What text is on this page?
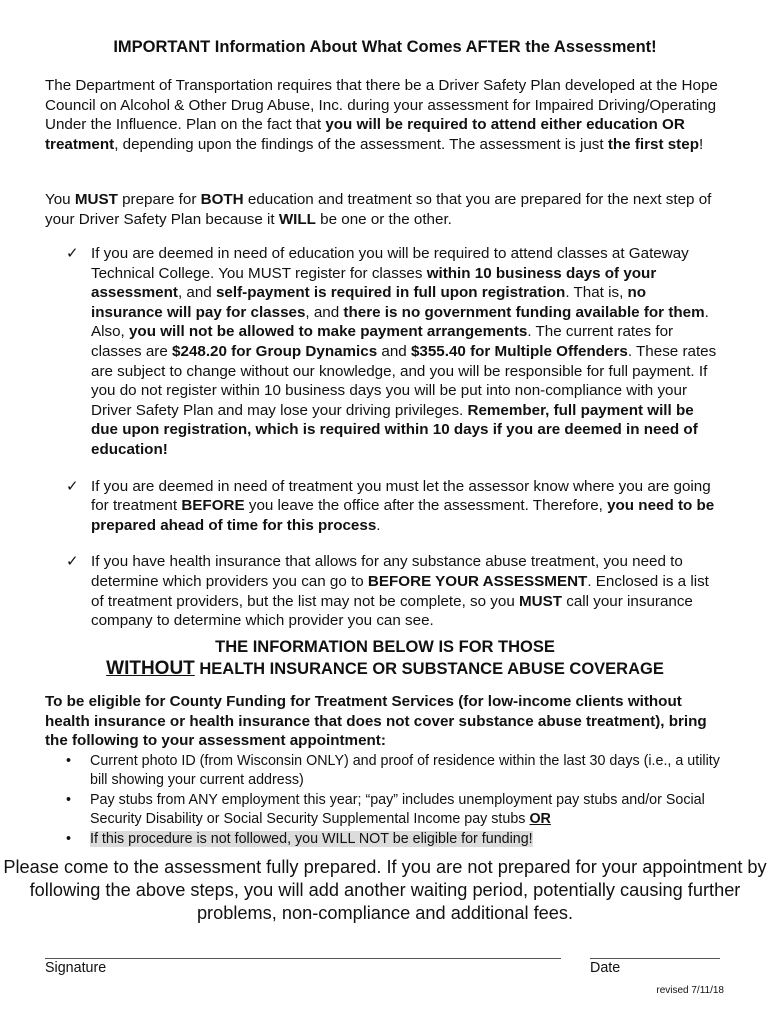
IMPORTANT Information About What Comes AFTER the Assessment!

The Department of Transportation requires that there be a Driver Safety Plan developed at the Hope Council on Alcohol & Other Drug Abuse, Inc. during your assessment for Impaired Driving/Operating Under the Influence. Plan on the fact that you will be required to attend either education OR treatment, depending upon the findings of the assessment. The assessment is just the first step!

You MUST prepare for BOTH education and treatment so that you are prepared for the next step of your Driver Safety Plan because it WILL be one or the other.

✓ If you are deemed in need of education you will be required to attend classes at Gateway Technical College. You MUST register for classes within 10 business days of your assessment, and self-payment is required in full upon registration. That is, no insurance will pay for classes, and there is no government funding available for them. Also, you will not be allowed to make payment arrangements. The current rates for classes are $248.20 for Group Dynamics and $355.40 for Multiple Offenders. These rates are subject to change without our knowledge, and you will be responsible for full payment. If you do not register within 10 business days you will be put into non-compliance with your Driver Safety Plan and may lose your driving privileges. Remember, full payment will be due upon registration, which is required within 10 days if you are deemed in need of education!
✓ If you are deemed in need of treatment you must let the assessor know where you are going for treatment BEFORE you leave the office after the assessment. Therefore, you need to be prepared ahead of time for this process.
✓ If you have health insurance that allows for any substance abuse treatment, you need to determine which providers you can go to BEFORE YOUR ASSESSMENT. Enclosed is a list of treatment providers, but the list may not be complete, so you MUST call your insurance company to determine which provider you can see.
THE INFORMATION BELOW IS FOR THOSE
WITHOUT HEALTH INSURANCE OR SUBSTANCE ABUSE COVERAGE

To be eligible for County Funding for Treatment Services (for low-income clients without health insurance or health insurance that does not cover substance abuse treatment), bring the following to your assessment appointment:

• Current photo ID (from Wisconsin ONLY) and proof of residence within the last 30 days (i.e., a utility bill showing your current address)
• Pay stubs from ANY employment this year; “pay” includes unemployment pay stubs and/or Social Security Disability or Social Security Supplemental Income pay stubs OR
• If this procedure is not followed, you WILL NOT be eligible for funding!

Please come to the assessment fully prepared. If you are not prepared for your appointment by following the above steps, you will add another waiting period, potentially causing further problems, non-compliance and additional fees.

Signature	Date
revised 7/11/18
